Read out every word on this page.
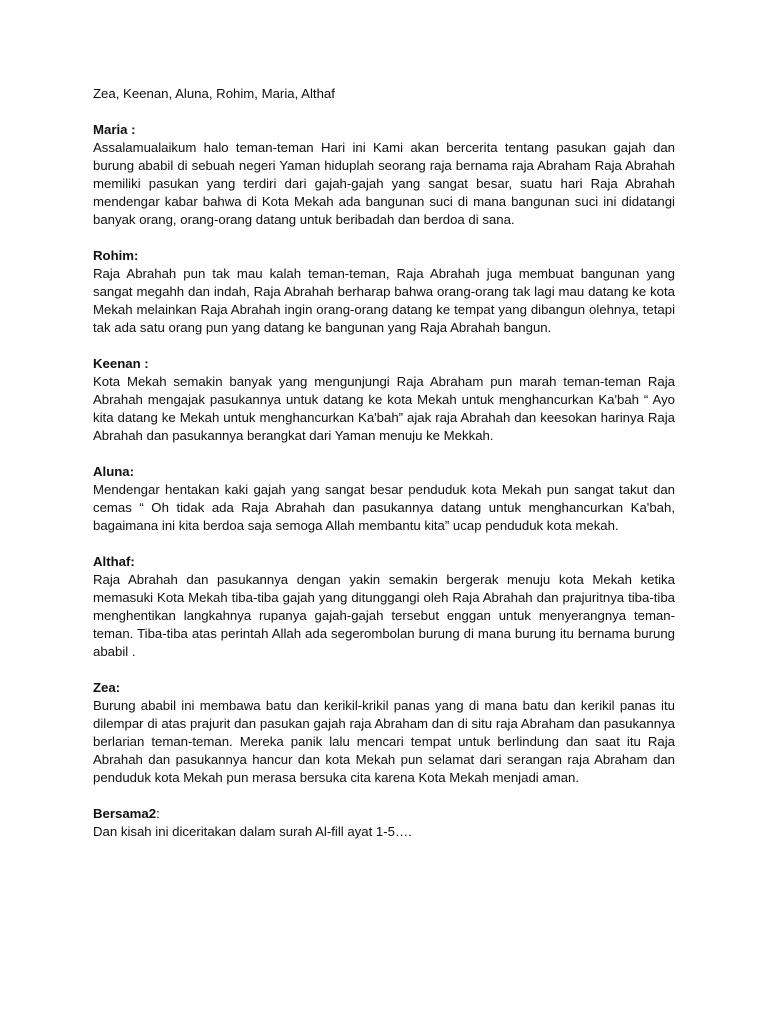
Zea, Keenan, Aluna, Rohim, Maria, Althaf
Maria :

Assalamualaikum halo teman-teman Hari ini Kami akan bercerita tentang pasukan gajah dan burung ababil di sebuah negeri Yaman hiduplah seorang raja bernama raja Abraham Raja Abrahah memiliki pasukan yang terdiri dari gajah-gajah yang sangat besar, suatu hari Raja Abrahah mendengar kabar bahwa di Kota Mekah ada bangunan suci di mana bangunan suci ini didatangi banyak orang, orang-orang datang untuk beribadah dan berdoa di sana.

Rohim:

Raja Abrahah pun tak mau kalah teman-teman, Raja Abrahah juga membuat bangunan yang sangat megahh dan indah, Raja Abrahah berharap bahwa orang-orang tak lagi mau datang ke kota Mekah melainkan Raja Abrahah ingin orang-orang datang ke tempat yang dibangun olehnya, tetapi tak ada satu orang pun yang datang ke bangunan yang Raja Abrahah bangun.

Keenan :

Kota Mekah semakin banyak yang mengunjungi Raja Abraham pun marah teman-teman Raja Abrahah mengajak pasukannya untuk datang ke kota Mekah untuk menghancurkan Ka'bah “ Ayo kita datang ke Mekah untuk menghancurkan Ka'bah” ajak raja Abrahah dan keesokan harinya Raja Abrahah dan pasukannya berangkat dari Yaman menuju ke Mekkah.

Aluna:

Mendengar hentakan kaki gajah yang sangat besar penduduk kota Mekah pun sangat takut dan cemas “ Oh tidak ada Raja Abrahah dan pasukannya datang untuk menghancurkan Ka'bah, bagaimana ini kita berdoa saja semoga Allah membantu kita” ucap penduduk kota mekah.

Althaf:

Raja Abrahah dan pasukannya dengan yakin semakin bergerak menuju kota Mekah ketika memasuki Kota Mekah tiba-tiba gajah yang ditunggangi oleh Raja Abrahah dan prajuritnya tiba-tiba menghentikan langkahnya rupanya gajah-gajah tersebut enggan untuk menyerangnya teman-teman. Tiba-tiba atas perintah Allah ada segerombolan burung di mana burung itu bernama burung ababil .

Zea:

Burung ababil ini membawa batu dan kerikil-krikil panas yang di mana batu dan kerikil panas itu dilempar di atas prajurit dan pasukan gajah raja Abraham dan di situ raja Abraham dan pasukannya berlarian teman-teman. Mereka panik lalu mencari tempat untuk berlindung dan saat itu Raja Abrahah dan pasukannya hancur dan kota Mekah pun selamat dari serangan raja Abraham dan penduduk kota Mekah pun merasa bersuka cita karena Kota Mekah menjadi aman.

Bersama2:

Dan kisah ini diceritakan dalam surah Al-fill ayat 1-5….
